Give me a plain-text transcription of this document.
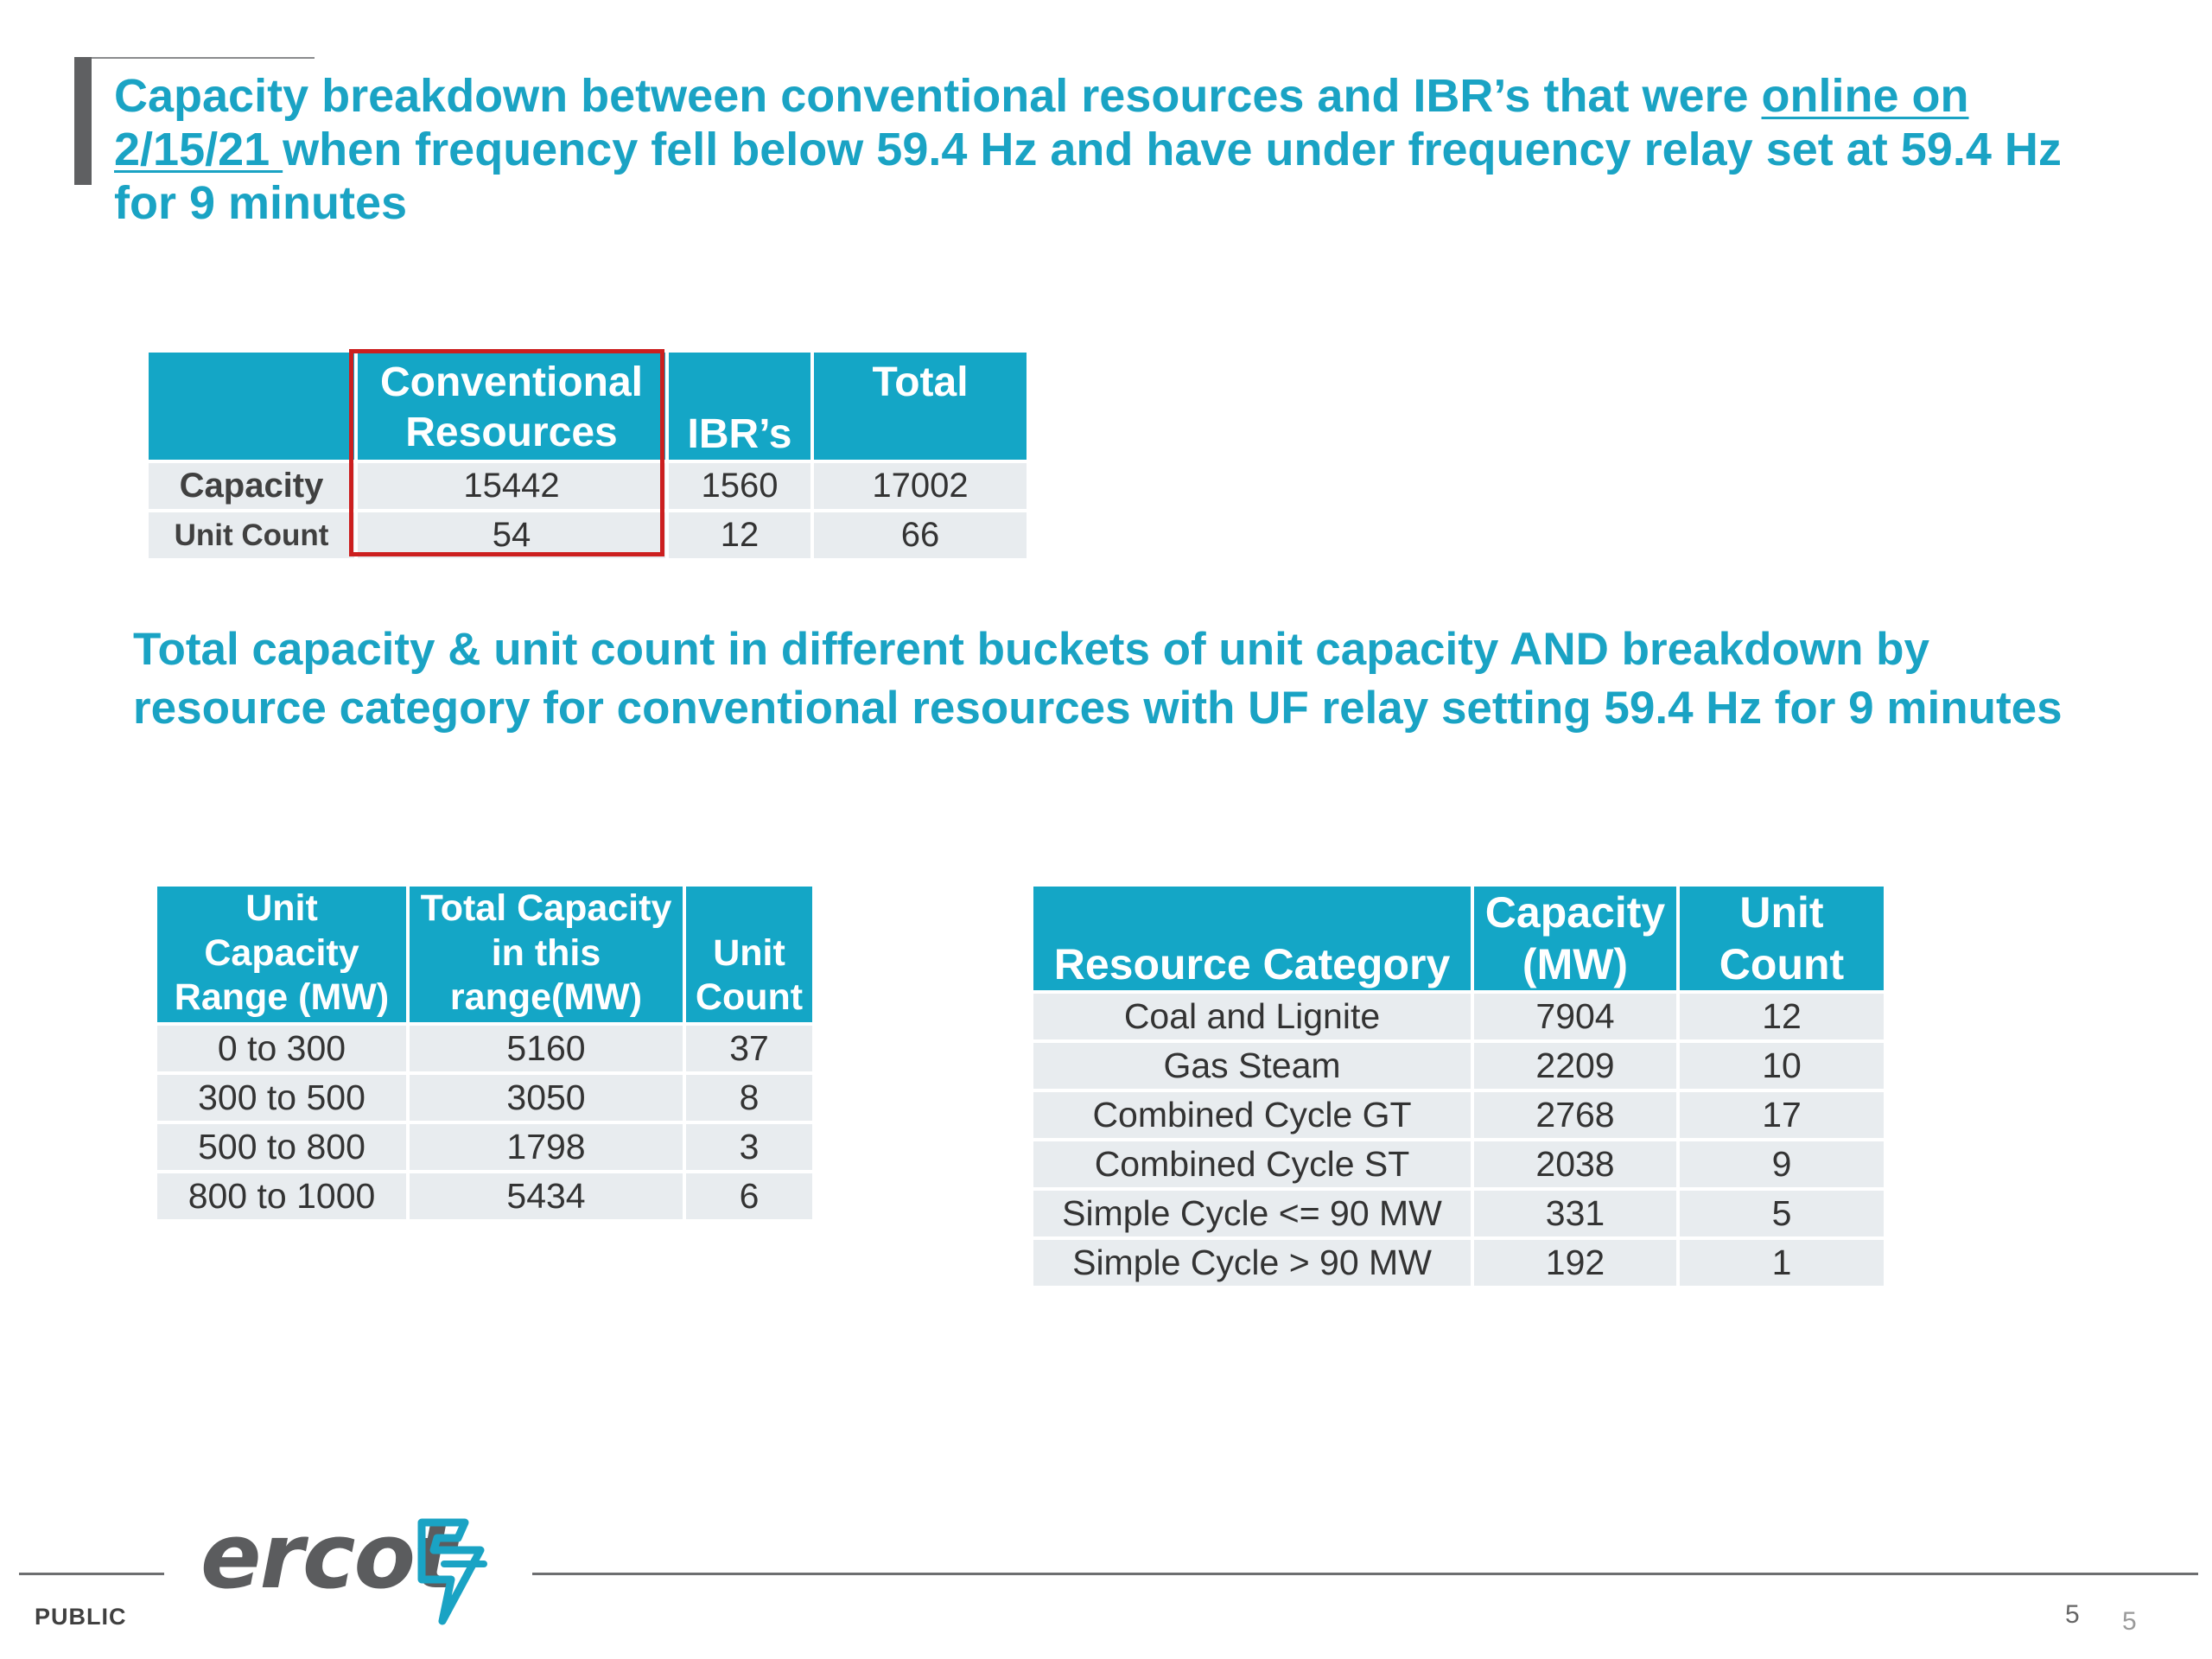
Capacity breakdown between conventional resources and IBR’s that were online on
2/15/21 when frequency fell below 59.4 Hz and have under frequency relay set at 59.4 Hz for 9 minutes
	Conventional Resources	IBR’s	Total
Capacity	15442	1560	17002
Unit Count	54	12	66

Total capacity & unit count in different buckets of unit capacity AND breakdown by resource category for conventional resources with UF relay setting 59.4 Hz for 9 minutes

Unit Capacity Range (MW)	Total Capacity in this range(MW)	Unit Count
0 to 300	5160	37
300 to 500	3050	8
500 to 800	1798	3
800 to 1000	5434	6
Resource Category	Capacity (MW)	Unit Count
Coal and Lignite	7904	12
Gas Steam	2209	10
Combined Cycle GT	2768	17
Combined Cycle ST	2038	9
Simple Cycle <= 90 MW	331	5
Simple Cycle > 90 MW	192	1
ercot
PUBLIC	5 5
